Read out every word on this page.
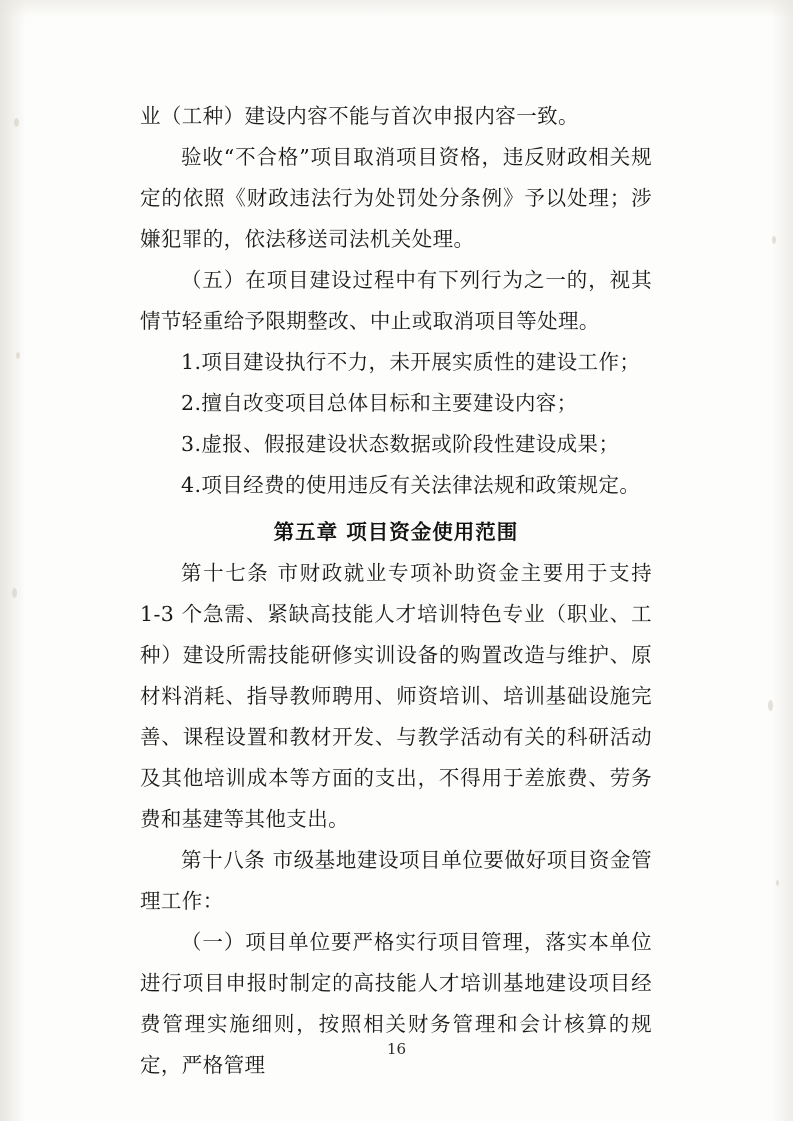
业（工种）建设内容不能与首次申报内容一致。

验收“不合格”项目取消项目资格，违反财政相关规定的依照《财政违法行为处罚处分条例》予以处理；涉嫌犯罪的，依法移送司法机关处理。

（五）在项目建设过程中有下列行为之一的，视其情节轻重给予限期整改、中止或取消项目等处理。

1.项目建设执行不力，未开展实质性的建设工作；

2.擅自改变项目总体目标和主要建设内容；

3.虚报、假报建设状态数据或阶段性建设成果；

4.项目经费的使用违反有关法律法规和政策规定。

第五章 项目资金使用范围

第十七条 市财政就业专项补助资金主要用于支持 1-3 个急需、紧缺高技能人才培训特色专业（职业、工种）建设所需技能研修实训设备的购置改造与维护、原材料消耗、指导教师聘用、师资培训、培训基础设施完善、课程设置和教材开发、与教学活动有关的科研活动及其他培训成本等方面的支出，不得用于差旅费、劳务费和基建等其他支出。

第十八条 市级基地建设项目单位要做好项目资金管理工作：

（一）项目单位要严格实行项目管理，落实本单位进行项目申报时制定的高技能人才培训基地建设项目经费管理实施细则，按照相关财务管理和会计核算的规定，严格管理

16
